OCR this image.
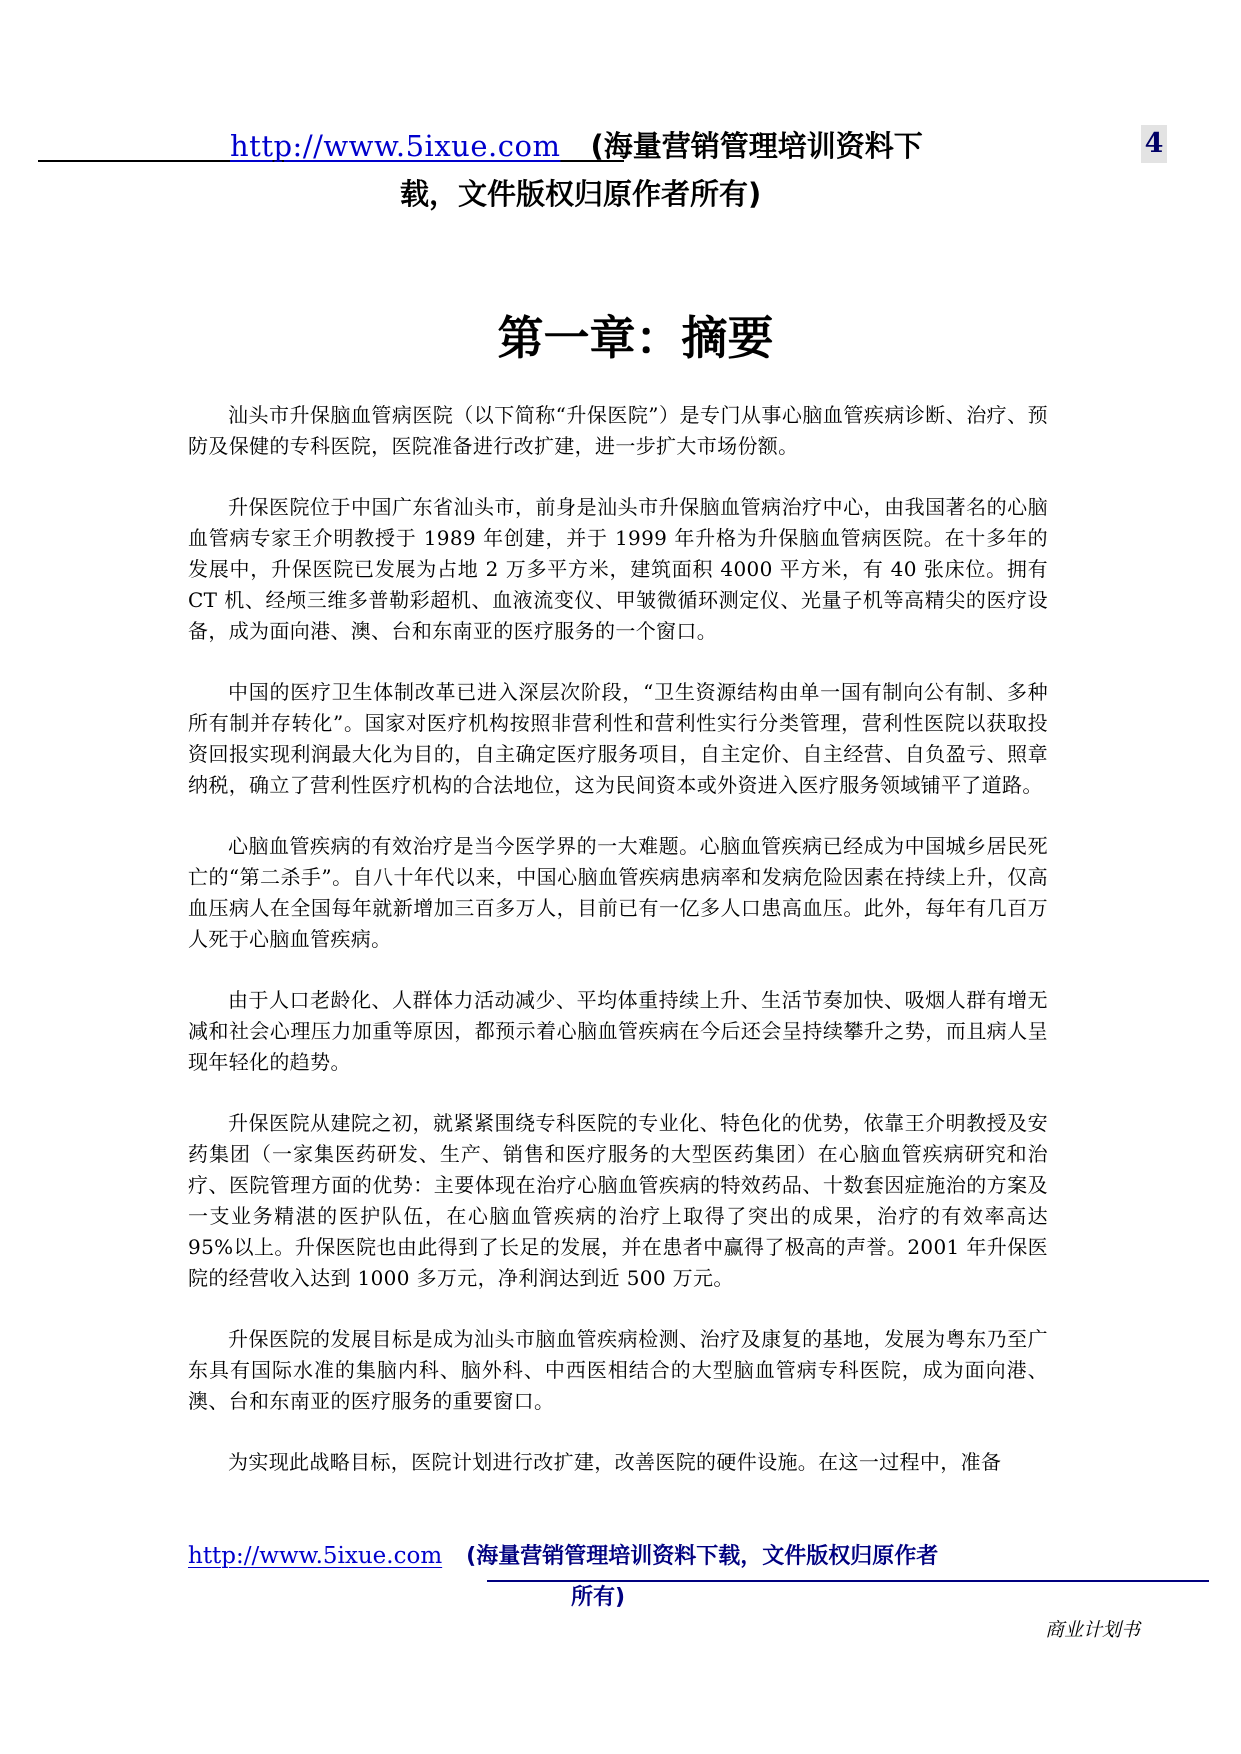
http://www.5ixue.com (海量营销管理培训资料下
载，文件版权归原作者所有)
4
第一章：摘要

汕头市升保脑血管病医院（以下简称“升保医院”）是专门从事心脑血管疾病诊断、治疗、预防及保健的专科医院，医院准备进行改扩建，进一步扩大市场份额。

升保医院位于中国广东省汕头市，前身是汕头市升保脑血管病治疗中心，由我国著名的心脑血管病专家王介明教授于 1989 年创建，并于 1999 年升格为升保脑血管病医院。在十多年的发展中，升保医院已发展为占地 2 万多平方米，建筑面积 4000 平方米，有 40 张床位。拥有 CT 机、经颅三维多普勒彩超机、血液流变仪、甲皱微循环测定仪、光量子机等高精尖的医疗设备，成为面向港、澳、台和东南亚的医疗服务的一个窗口。

中国的医疗卫生体制改革已进入深层次阶段，“卫生资源结构由单一国有制向公有制、多种所有制并存转化”。国家对医疗机构按照非营利性和营利性实行分类管理，营利性医院以获取投资回报实现利润最大化为目的，自主确定医疗服务项目，自主定价、自主经营、自负盈亏、照章纳税，确立了营利性医疗机构的合法地位，这为民间资本或外资进入医疗服务领域铺平了道路。

心脑血管疾病的有效治疗是当今医学界的一大难题。心脑血管疾病已经成为中国城乡居民死亡的“第二杀手”。自八十年代以来，中国心脑血管疾病患病率和发病危险因素在持续上升，仅高血压病人在全国每年就新增加三百多万人，目前已有一亿多人口患高血压。此外，每年有几百万人死于心脑血管疾病。

由于人口老龄化、人群体力活动减少、平均体重持续上升、生活节奏加快、吸烟人群有增无减和社会心理压力加重等原因，都预示着心脑血管疾病在今后还会呈持续攀升之势，而且病人呈现年轻化的趋势。

升保医院从建院之初，就紧紧围绕专科医院的专业化、特色化的优势，依靠王介明教授及安药集团（一家集医药研发、生产、销售和医疗服务的大型医药集团）在心脑血管疾病研究和治疗、医院管理方面的优势：主要体现在治疗心脑血管疾病的特效药品、十数套因症施治的方案及一支业务精湛的医护队伍，在心脑血管疾病的治疗上取得了突出的成果，治疗的有效率高达 95%以上。升保医院也由此得到了长足的发展，并在患者中赢得了极高的声誉。2001 年升保医院的经营收入达到 1000 多万元，净利润达到近 500 万元。

升保医院的发展目标是成为汕头市脑血管疾病检测、治疗及康复的基地，发展为粤东乃至广东具有国际水准的集脑内科、脑外科、中西医相结合的大型脑血管病专科医院，成为面向港、澳、台和东南亚的医疗服务的重要窗口。

为实现此战略目标，医院计划进行改扩建，改善医院的硬件设施。在这一过程中，准备

http://www.5ixue.com (海量营销管理培训资料下载，文件版权归原作者
所有)
商业计划书
